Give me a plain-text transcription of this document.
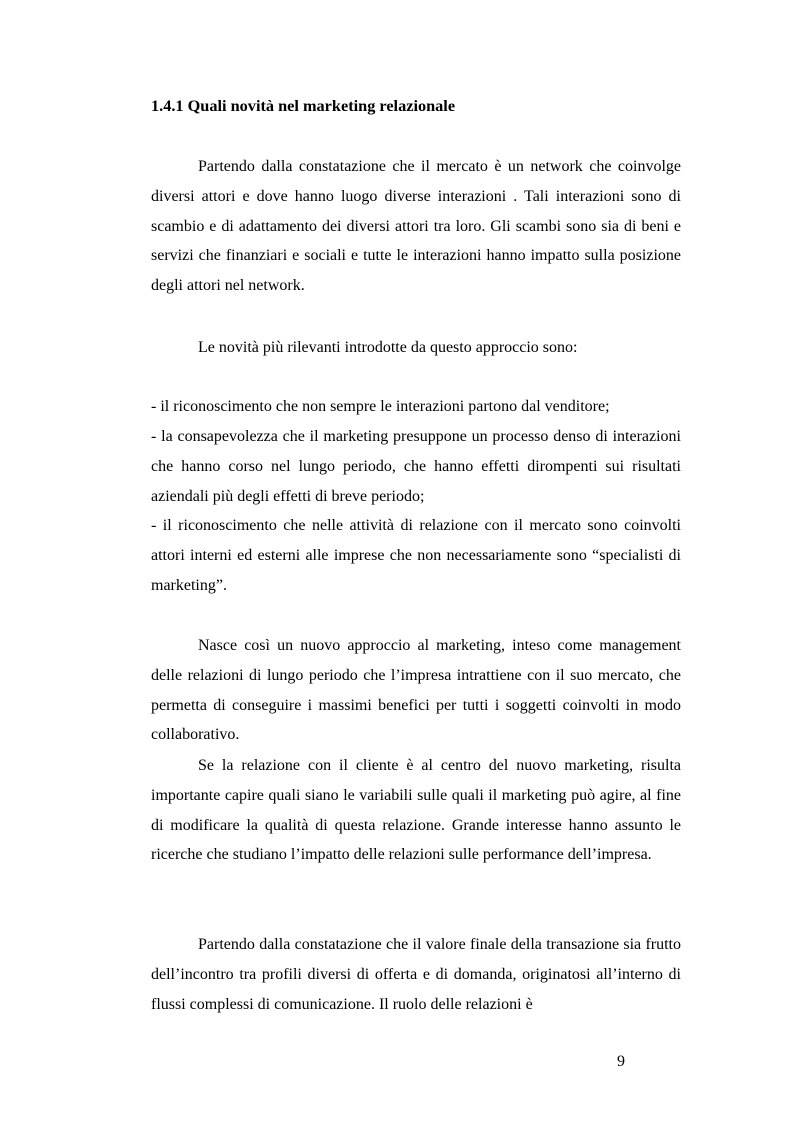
1.4.1 Quali novità nel marketing relazionale

Partendo dalla constatazione che il mercato è un network che coinvolge diversi attori e dove hanno luogo diverse interazioni . Tali interazioni sono di scambio e di adattamento dei diversi attori tra loro. Gli scambi sono sia di beni e servizi che finanziari e sociali e tutte le interazioni hanno impatto sulla posizione degli attori nel network.

Le novità più rilevanti introdotte da questo approccio sono:

- il riconoscimento che non sempre le interazioni partono dal venditore;

- la consapevolezza che il marketing presuppone un processo denso di interazioni che hanno corso nel lungo periodo, che hanno effetti dirompenti sui risultati aziendali più degli effetti di breve periodo;

- il riconoscimento che nelle attività di relazione con il mercato sono coinvolti attori interni ed esterni alle imprese che non necessariamente sono “specialisti di marketing”.

Nasce così un nuovo approccio al marketing, inteso come management delle relazioni di lungo periodo che l’impresa intrattiene con il suo mercato, che permetta di conseguire i massimi benefici per tutti i soggetti coinvolti in modo collaborativo.

Se la relazione con il cliente è al centro del nuovo marketing, risulta importante capire quali siano le variabili sulle quali il marketing può agire, al fine di modificare la qualità di questa relazione. Grande interesse hanno assunto le ricerche che studiano l’impatto delle relazioni sulle performance dell’impresa.

Partendo dalla constatazione che il valore finale della transazione sia frutto dell’incontro tra profili diversi di offerta e di domanda, originatosi all’interno di flussi complessi di comunicazione. Il ruolo delle relazioni è

9
